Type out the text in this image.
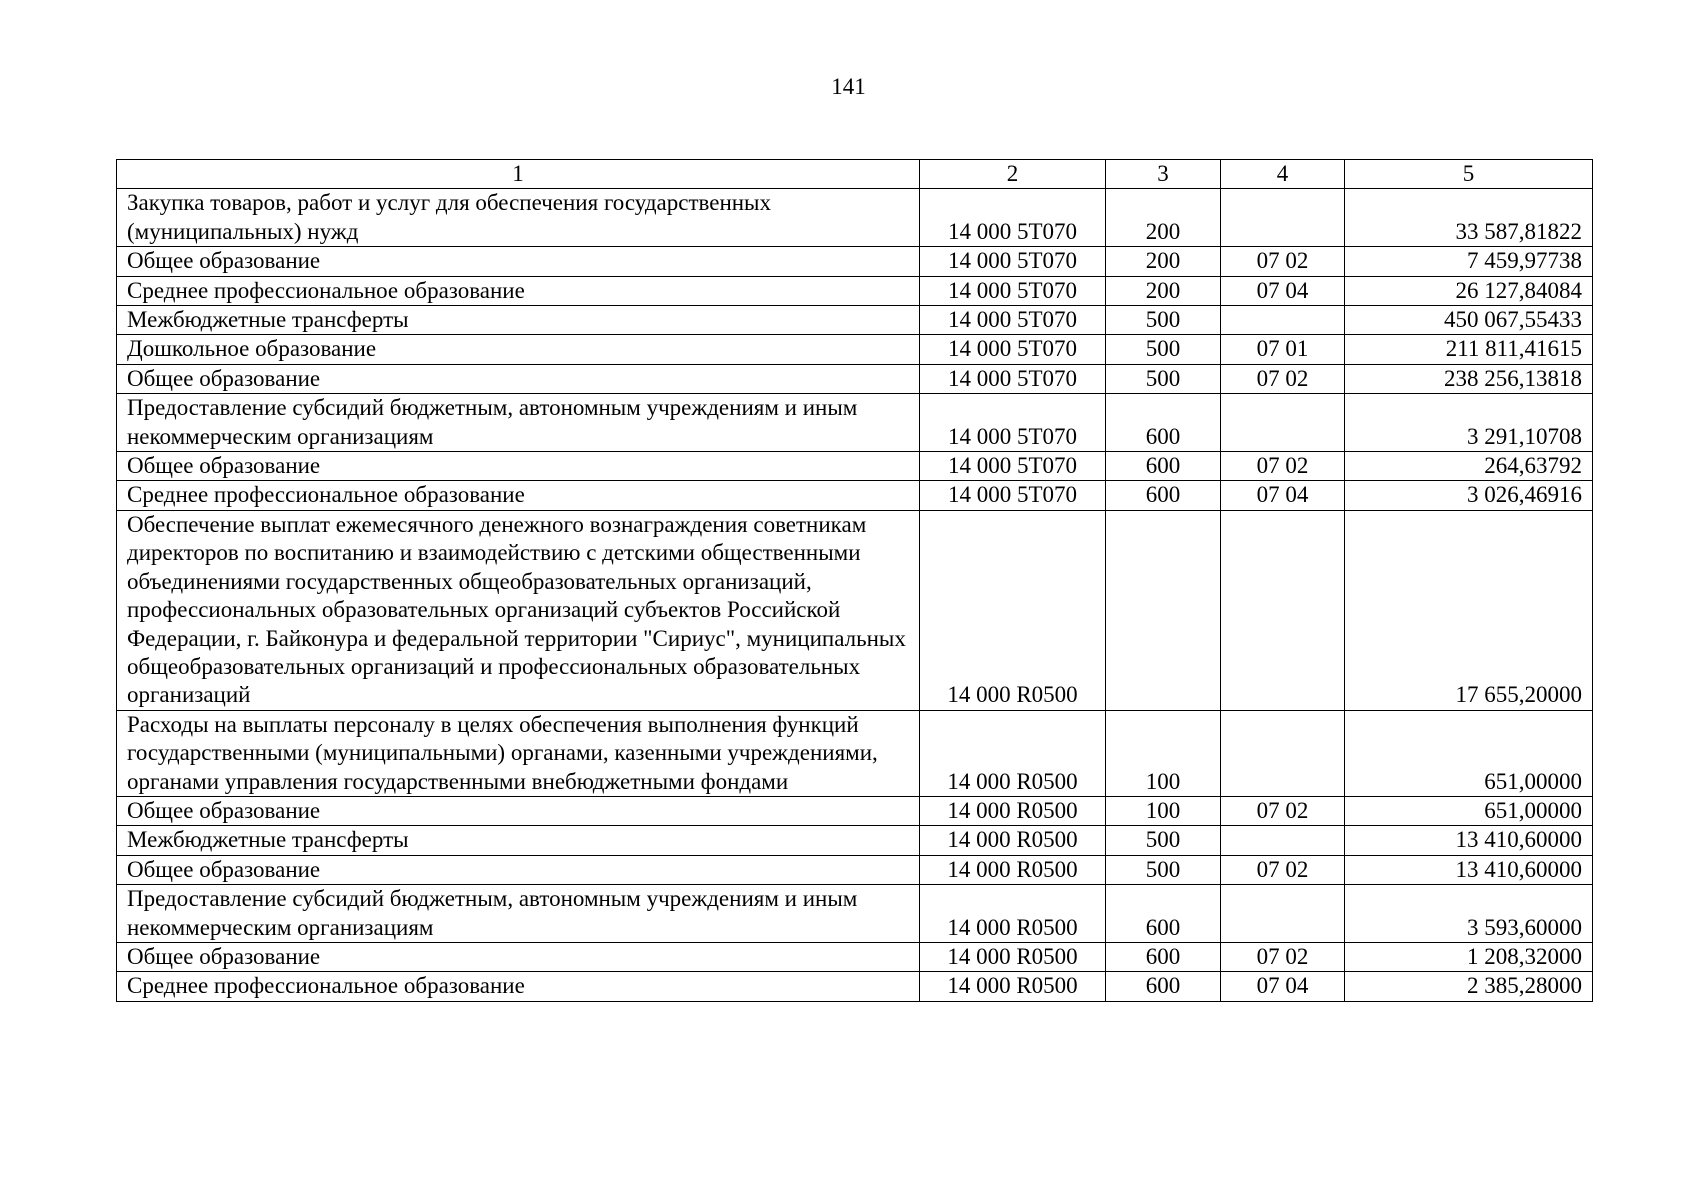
141
1	2	3	4	5
Закупка товаров, работ и услуг для обеспечения государственных (муниципальных) нужд	14 000 5Т070	200		33 587,81822
Общее образование	14 000 5Т070	200	07 02	7 459,97738
Среднее профессиональное образование	14 000 5Т070	200	07 04	26 127,84084
Межбюджетные трансферты	14 000 5Т070	500		450 067,55433
Дошкольное образование	14 000 5Т070	500	07 01	211 811,41615
Общее образование	14 000 5Т070	500	07 02	238 256,13818
Предоставление субсидий бюджетным, автономным учреждениям и иным некоммерческим организациям	14 000 5Т070	600		3 291,10708
Общее образование	14 000 5Т070	600	07 02	264,63792
Среднее профессиональное образование	14 000 5Т070	600	07 04	3 026,46916
Обеспечение выплат ежемесячного денежного вознаграждения советникам директоров по воспитанию и взаимодействию с детскими общественными объединениями государственных общеобразовательных организаций, профессиональных образовательных организаций субъектов Российской Федерации, г. Байконура и федеральной территории "Сириус", муниципальных общеобразовательных организаций и профессиональных образовательных организаций	14 000 R0500			17 655,20000
Расходы на выплаты персоналу в целях обеспечения выполнения функций государственными (муниципальными) органами, казенными учреждениями, органами управления государственными внебюджетными фондами	14 000 R0500	100		651,00000
Общее образование	14 000 R0500	100	07 02	651,00000
Межбюджетные трансферты	14 000 R0500	500		13 410,60000
Общее образование	14 000 R0500	500	07 02	13 410,60000
Предоставление субсидий бюджетным, автономным учреждениям и иным некоммерческим организациям	14 000 R0500	600		3 593,60000
Общее образование	14 000 R0500	600	07 02	1 208,32000
Среднее профессиональное образование	14 000 R0500	600	07 04	2 385,28000
